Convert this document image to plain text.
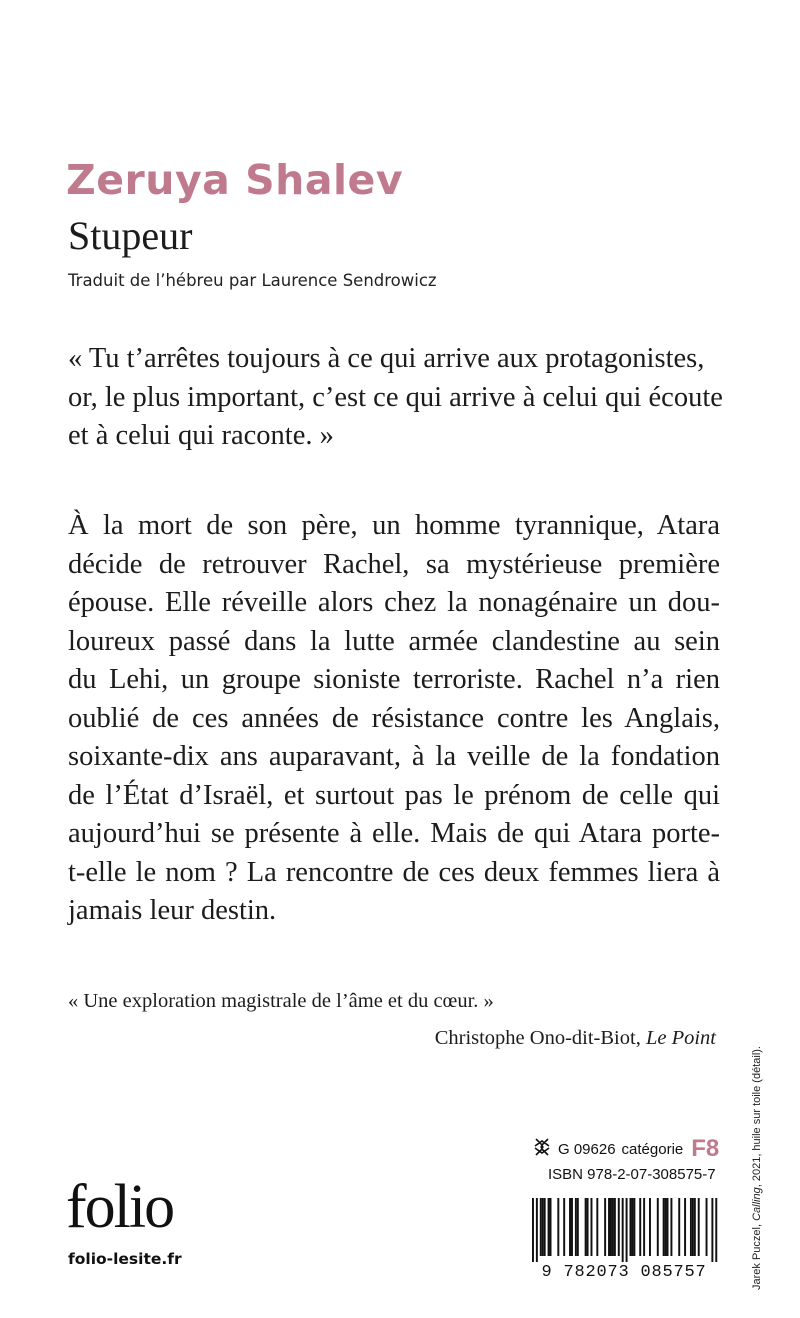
Zeruya Shalev
Stupeur
Traduit de l’hébreu par Laurence Sendrowicz
« Tu t’arrêtes toujours à ce qui arrive aux protagonistes,
or, le plus important, c’est ce qui arrive à celui qui écoute
et à celui qui raconte. »
À la mort de son père, un homme tyrannique, Atara
décide de retrouver Rachel, sa mystérieuse première
épouse. Elle réveille alors chez la nonagénaire un dou-
loureux passé dans la lutte armée clandestine au sein
du Lehi, un groupe sioniste terroriste. Rachel n’a rien
oublié de ces années de résistance contre les Anglais,
soixante-dix ans auparavant, à la veille de la fondation
de l’État d’Israël, et surtout pas le prénom de celle qui
aujourd’hui se présente à elle. Mais de qui Atara porte-
t-elle le nom ? La rencontre de ces deux femmes liera à
jamais leur destin.
« Une exploration magistrale de l’âme et du cœur. »
Christophe Ono-dit-Biot, Le Point
folio
folio-lesite.fr
G 09626 catégorie F8
ISBN 978-2-07-308575-7
9 782073 085757	Jarek Puczel, Calling, 2021, huile sur toile (détail).
